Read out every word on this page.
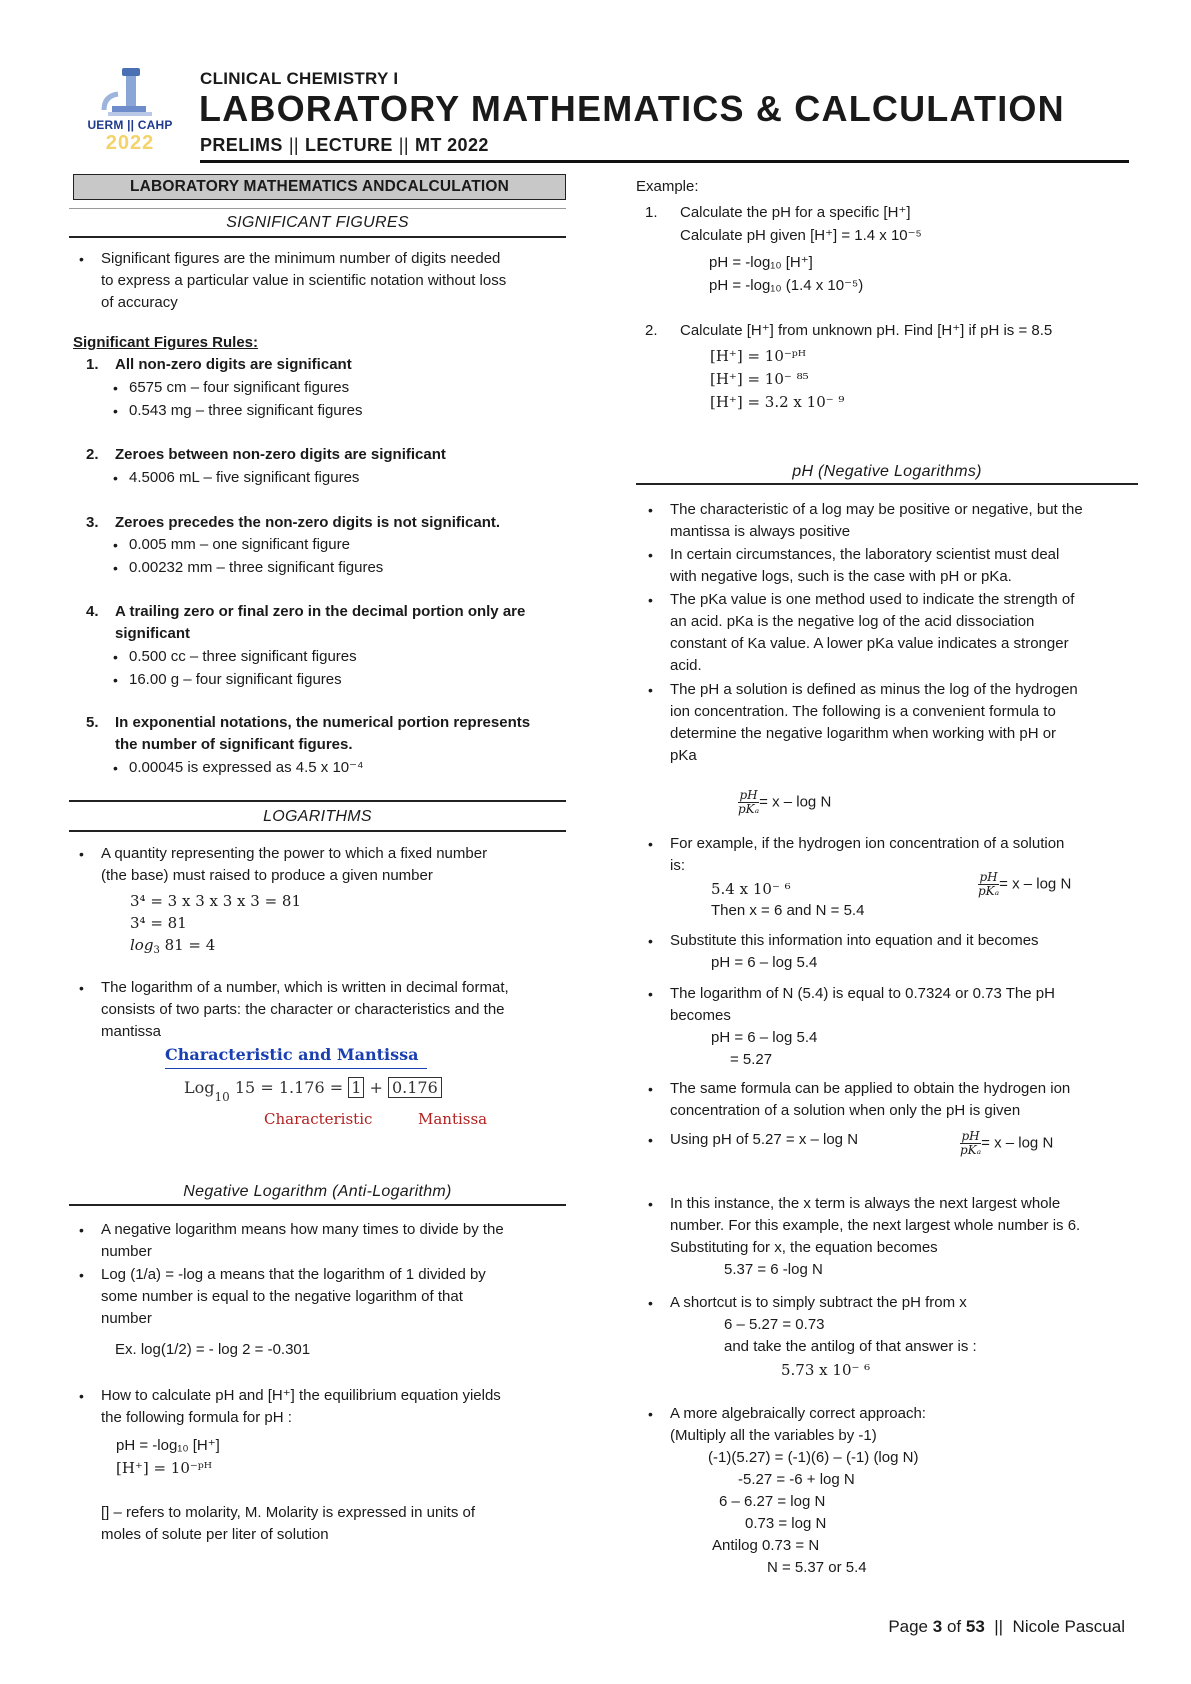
UERM || CAHP
2022
CLINICAL CHEMISTRY I
LABORATORY MATHEMATICS & CALCULATION
PRELIMS || LECTURE || MT 2022
LABORATORY MATHEMATICS ANDCALCULATION
SIGNIFICANT FIGURES
• Significant figures are the minimum number of digits needed
to express a particular value in scientific notation without loss
of accuracy
Significant Figures Rules:
1. All non-zero digits are significant
• 6575 cm – four significant figures
• 0.543 mg – three significant figures
2. Zeroes between non-zero digits are significant
• 4.5006 mL – five significant figures
3. Zeroes precedes the non-zero digits is not significant.
• 0.005 mm – one significant figure
• 0.00232 mm – three significant figures
4. A trailing zero or final zero in the decimal portion only are
significant
• 0.500 cc – three significant figures
• 16.00 g – four significant figures
5. In exponential notations, the numerical portion represents
the number of significant figures.
• 0.00045 is expressed as 4.5 x 10⁻⁴
LOGARITHMS
• A quantity representing the power to which a fixed number
(the base) must raised to produce a given number
3⁴ = 3 x 3 x 3 x 3 = 81
3⁴ = 81
$\log_3 81 = 4$
• The logarithm of a number, which is written in decimal format,
consists of two parts: the character or characteristics and the
mantissa
Characteristic and Mantissa
Log$_{10}$ 15 = 1.176 = 1 + 0.176
Characteristic	Mantissa
Negative Logarithm (Anti-Logarithm)
• A negative logarithm means how many times to divide by the
number
• Log (1/a) = -log a means that the logarithm of 1 divided by
some number is equal to the negative logarithm of that
number
Ex. log(1/2) = - log 2 = -0.301
• How to calculate pH and [H⁺] the equilibrium equation yields
the following formula for pH :
pH = -log₁₀ [H⁺]
[H⁺] = 10⁻ᵖᴴ
[] – refers to molarity, M. Molarity is expressed in units of
moles of solute per liter of solution
Example:
1. Calculate the pH for a specific [H⁺]
Calculate pH given [H⁺] = 1.4 x 10⁻⁵
pH = -log₁₀ [H⁺]
pH = -log₁₀ (1.4 x 10⁻⁵)
2. Calculate [H⁺] from unknown pH. Find [H⁺] if pH is = 8.5
[H⁺] = 10⁻ᵖᴴ
[H⁺] = 10⁻ ⁸⁵
[H⁺] = 3.2 x 10⁻ ⁹
pH (Negative Logarithms)
• The characteristic of a log may be positive or negative, but the
mantissa is always positive
• In certain circumstances, the laboratory scientist must deal
with negative logs, such is the case with pH or pKa.
• The pKa value is one method used to indicate the strength of
an acid. pKa is the negative log of the acid dissociation
constant of Ka value. A lower pKa value indicates a stronger
acid.
• The pH a solution is defined as minus the log of the hydrogen
ion concentration. The following is a convenient formula to
determine the negative logarithm when working with pH or
pKa
$\frac{pH}{\text{pKₐ}} = x - \log N$
• For example, if the hydrogen ion concentration of a solution
is:
5.4 x 10⁻ ⁶
Then x = 6 and N = 5.4
$\frac{pH}{\text{pKₐ}} = x - \log N$
• Substitute this information into equation and it becomes
pH = 6 – log 5.4
• The logarithm of N (5.4) is equal to 0.7324 or 0.73 The pH
becomes
pH = 6 – log 5.4
= 5.27
• The same formula can be applied to obtain the hydrogen ion
concentration of a solution when only the pH is given
• Using pH of 5.27 = x – log N	$\frac{pH}{\text{pKₐ}} = x - \log N$
• In this instance, the x term is always the next largest whole
number. For this example, the next largest whole number is 6.
Substituting for x, the equation becomes
5.37 = 6 -log N
• A shortcut is to simply subtract the pH from x
6 – 5.27 = 0.73
and take the antilog of that answer is :
5.73 x 10⁻ ⁶
• A more algebraically correct approach:
(Multiply all the variables by -1)
(-1)(5.27) = (-1)(6) – (-1) (log N)
-5.27 = -6 + log N
6 – 6.27 = log N
0.73 = log N
Antilog 0.73 = N
N = 5.37 or 5.4
Page 3 of 53 || Nicole Pascual
